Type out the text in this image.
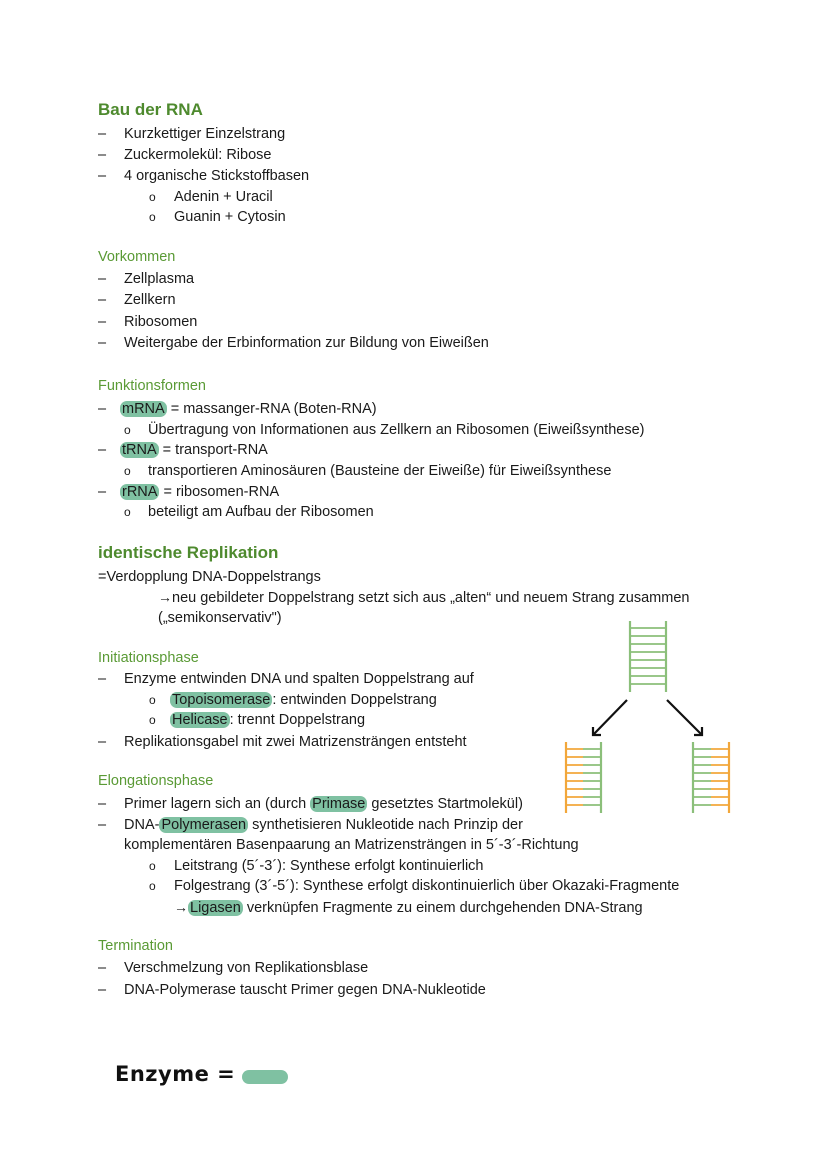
Bau der RNA
– Kurzkettiger Einzelstrang
– Zuckermolekül: Ribose
– 4 organische Stickstoffbasen
o Adenin + Uracil
o Guanin + Cytosin
Vorkommen
– Zellplasma
– Zellkern
– Ribosomen
– Weitergabe der Erbinformation zur Bildung von Eiweißen
Funktionsformen
– mRNA = massanger-RNA (Boten-RNA)
o Übertragung von Informationen aus Zellkern an Ribosomen (Eiweißsynthese)
– tRNA = transport-RNA
o transportieren Aminosäuren (Bausteine der Eiweiße) für Eiweißsynthese
– rRNA = ribosomen-RNA
o beteiligt am Aufbau der Ribosomen
identische Replikation
=Verdopplung DNA-Doppelstrangs
→neu gebildeter Doppelstrang setzt sich aus „alten“ und neuem Strang zusammen
(„semikonservativ")
Initiationsphase
– Enzyme entwinden DNA und spalten Doppelstrang auf
o Topoisomerase : entwinden Doppelstrang
o Helicase : trennt Doppelstrang
– Replikationsgabel mit zwei Matrizensträngen entsteht
Elongationsphase
– Primer lagern sich an (durch Primase gesetztes Startmolekül)
– DNA- Polymerasen synthetisieren Nukleotide nach Prinzip der
komplementären Basenpaarung an Matrizensträngen in 5´-3´-Richtung
o Leitstrang (5´-3´): Synthese erfolgt kontinuierlich
o Folgestrang (3´-5´): Synthese erfolgt diskontinuierlich über Okazaki-Fragmente
→ Ligasen verknüpfen Fragmente zu einem durchgehenden DNA-Strang
Termination
– Verschmelzung von Replikationsblase
– DNA-Polymerase tauscht Primer gegen DNA-Nukleotide
Enzyme =
